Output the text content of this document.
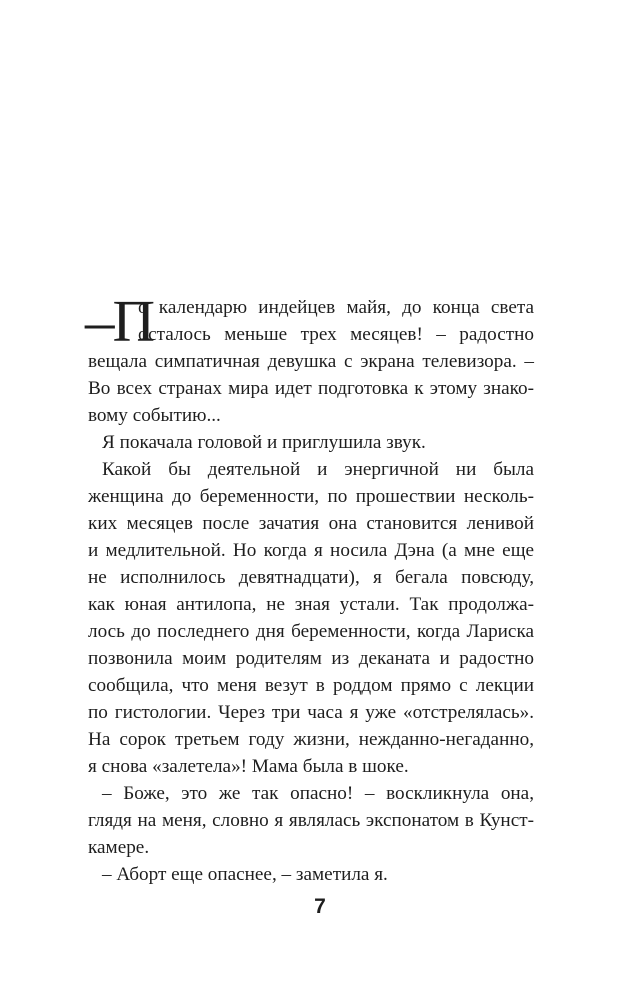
–П
о календарю индейцев майя, до конца света
осталось меньше трех месяцев! – радостно
вещала симпатичная девушка с экрана телевизора. –
Во всех странах мира идет подготовка к этому знако-
вому событию...
Я покачала головой и приглушила звук.
Какой бы деятельной и энергичной ни была
женщина до беременности, по прошествии несколь-
ких месяцев после зачатия она становится ленивой
и медлительной. Но когда я носила Дэна (а мне еще
не исполнилось девятнадцати), я бегала повсюду,
как юная антилопа, не зная устали. Так продолжа-
лось до последнего дня беременности, когда Лариска
позвонила моим родителям из деканата и радостно
сообщила, что меня везут в роддом прямо с лекции
по гистологии. Через три часа я уже «отстрелялась».
На сорок третьем году жизни, нежданно-негаданно,
я снова «залетела»! Мама была в шоке.
– Боже, это же так опасно! – воскликнула она,
глядя на меня, словно я являлась экспонатом в Кунст-
камере.
– Аборт еще опаснее, – заметила я.
7
